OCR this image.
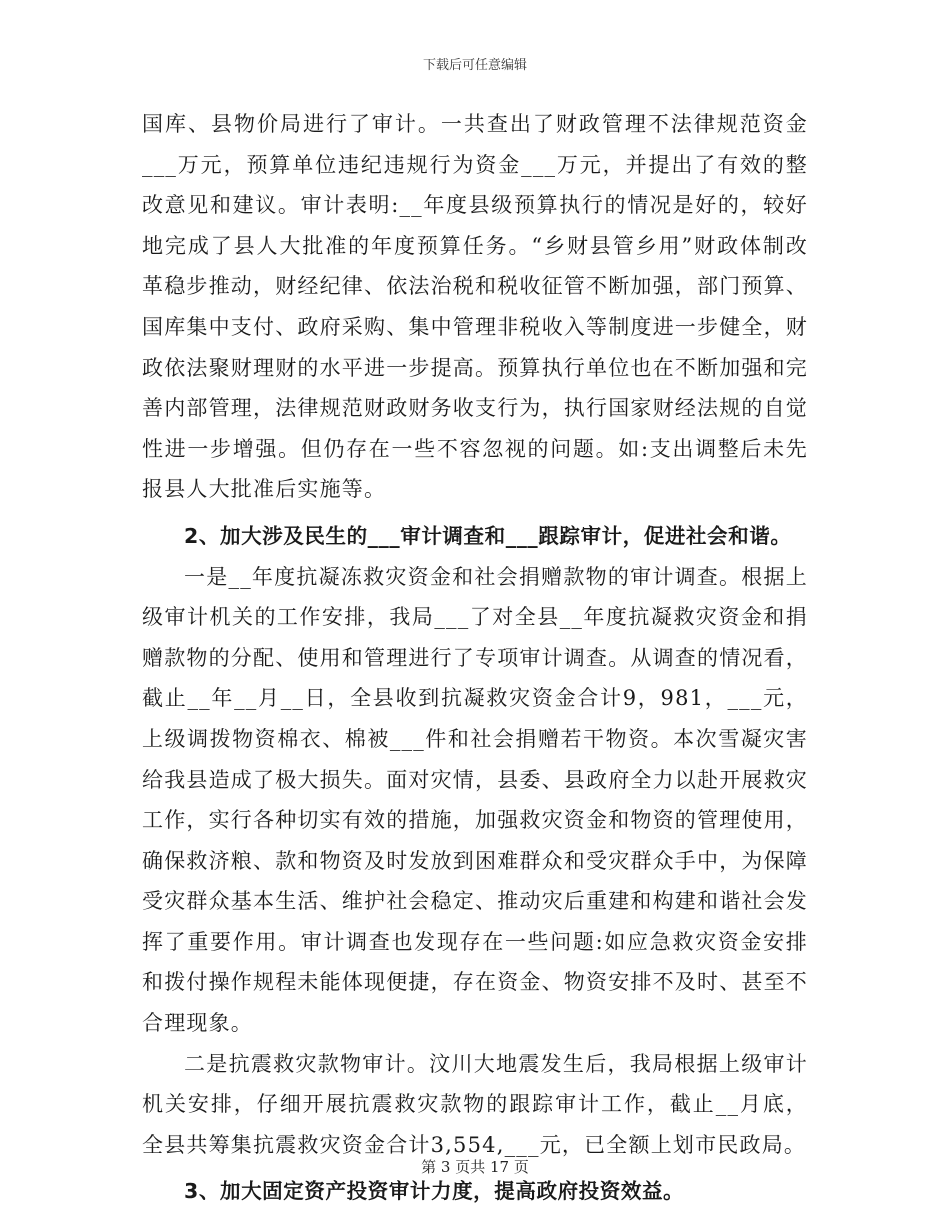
下载后可任意编辑

国库、县物价局进行了审计。一共查出了财政管理不法律规范资金___万元，预算单位违纪违规行为资金___万元，并提出了有效的整改意见和建议。审计表明:__年度县级预算执行的情况是好的，较好地完成了县人大批准的年度预算任务。“乡财县管乡用”财政体制改革稳步推动，财经纪律、依法治税和税收征管不断加强，部门预算、国库集中支付、政府采购、集中管理非税收入等制度进一步健全，财政依法聚财理财的水平进一步提高。预算执行单位也在不断加强和完善内部管理，法律规范财政财务收支行为，执行国家财经法规的自觉性进一步增强。但仍存在一些不容忽视的问题。如:支出调整后未先报县人大批准后实施等。

2、加大涉及民生的___审计调查和___跟踪审计，促进社会和谐。

一是__年度抗凝冻救灾资金和社会捐赠款物的审计调查。根据上级审计机关的工作安排，我局___了对全县__年度抗凝救灾资金和捐赠款物的分配、使用和管理进行了专项审计调查。从调查的情况看，截止__年__月__日，全县收到抗凝救灾资金合计9，981，___元，上级调拨物资棉衣、棉被___件和社会捐赠若干物资。本次雪凝灾害给我县造成了极大损失。面对灾情，县委、县政府全力以赴开展救灾工作，实行各种切实有效的措施，加强救灾资金和物资的管理使用，确保救济粮、款和物资及时发放到困难群众和受灾群众手中，为保障受灾群众基本生活、维护社会稳定、推动灾后重建和构建和谐社会发挥了重要作用。审计调查也发现存在一些问题:如应急救灾资金安排和拨付操作规程未能体现便捷，存在资金、物资安排不及时、甚至不合理现象。

二是抗震救灾款物审计。汶川大地震发生后，我局根据上级审计机关安排，仔细开展抗震救灾款物的跟踪审计工作，截止__月底，全县共筹集抗震救灾资金合计3,554,___元，已全额上划市民政局。

3、加大固定资产投资审计力度，提高政府投资效益。

第 3 页共 17 页
